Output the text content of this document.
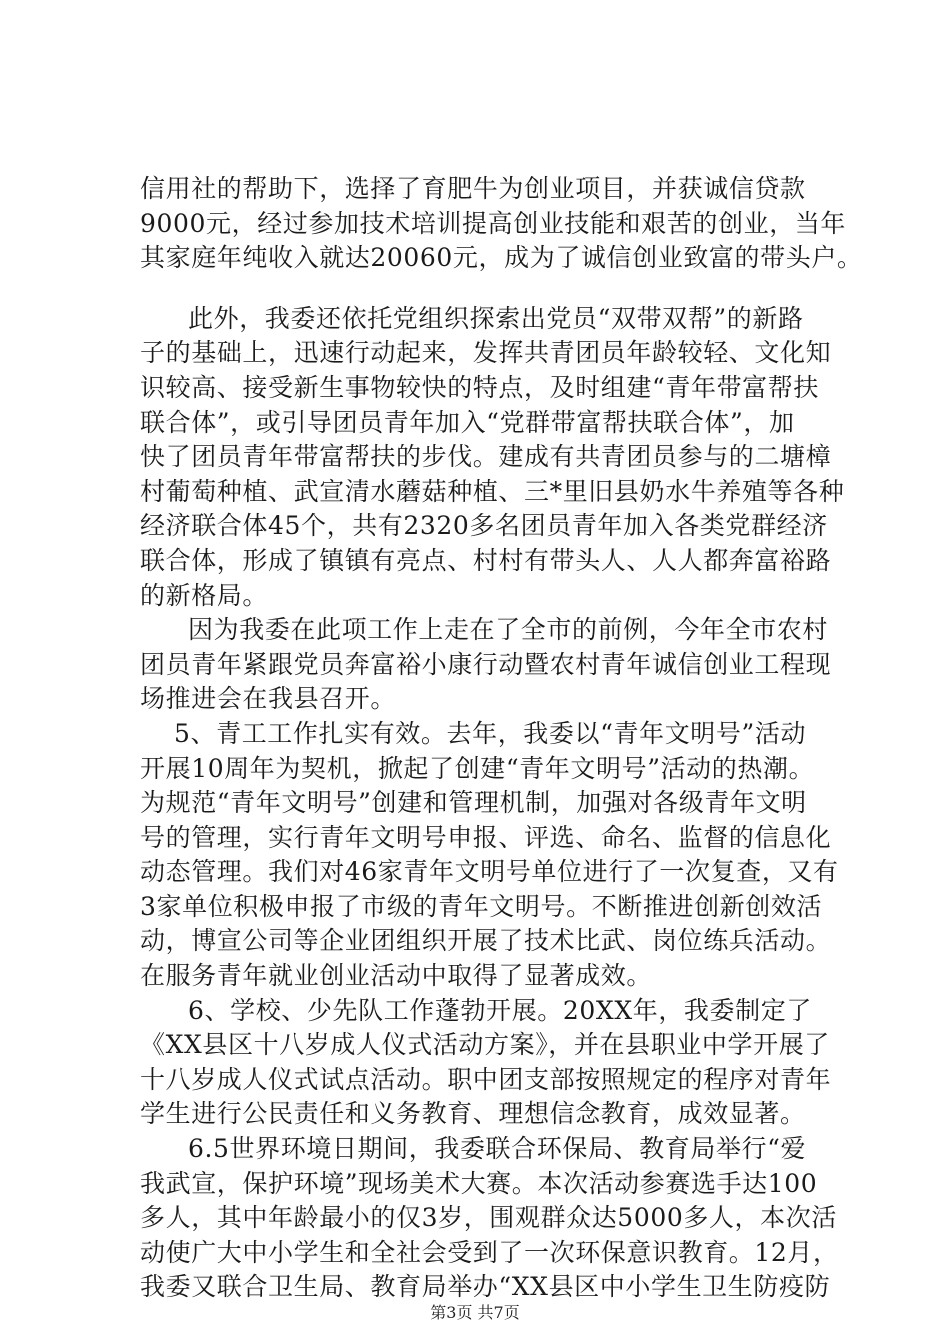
信用社的帮助下，选择了育肥牛为创业项目，并获诚信贷款
9000元，经过参加技术培训提高创业技能和艰苦的创业，当年
其家庭年纯收入就达20060元，成为了诚信创业致富的带头户。
此外，我委还依托党组织探索出党员“双带双帮”的新路
子的基础上，迅速行动起来，发挥共青团员年龄较轻、文化知
识较高、接受新生事物较快的特点，及时组建“青年带富帮扶
联合体”，或引导团员青年加入“党群带富帮扶联合体”，加
快了团员青年带富帮扶的步伐。建成有共青团员参与的二塘樟
村葡萄种植、武宣清水蘑菇种植、三*里旧县奶水牛养殖等各种
经济联合体45个，共有2320多名团员青年加入各类党群经济
联合体，形成了镇镇有亮点、村村有带头人、人人都奔富裕路
的新格局。
因为我委在此项工作上走在了全市的前例，今年全市农村
团员青年紧跟党员奔富裕小康行动暨农村青年诚信创业工程现
场推进会在我县召开。
5、青工工作扎实有效。去年，我委以“青年文明号”活动
开展10周年为契机，掀起了创建“青年文明号”活动的热潮。
为规范“青年文明号”创建和管理机制，加强对各级青年文明
号的管理，实行青年文明号申报、评选、命名、监督的信息化
动态管理。我们对46家青年文明号单位进行了一次复查，又有
3家单位积极申报了市级的青年文明号。不断推进创新创效活
动，博宣公司等企业团组织开展了技术比武、岗位练兵活动。
在服务青年就业创业活动中取得了显著成效。
6、学校、少先队工作蓬勃开展。20XX年，我委制定了
《XX县区十八岁成人仪式活动方案》，并在县职业中学开展了
十八岁成人仪式试点活动。职中团支部按照规定的程序对青年
学生进行公民责任和义务教育、理想信念教育，成效显著。
6.5世界环境日期间，我委联合环保局、教育局举行“爱
我武宣，保护环境”现场美术大赛。本次活动参赛选手达100
多人，其中年龄最小的仅3岁，围观群众达5000多人，本次活
动使广大中小学生和全社会受到了一次环保意识教育。12月，
我委又联合卫生局、教育局举办“XX县区中小学生卫生防疫防
第3页 共7页
